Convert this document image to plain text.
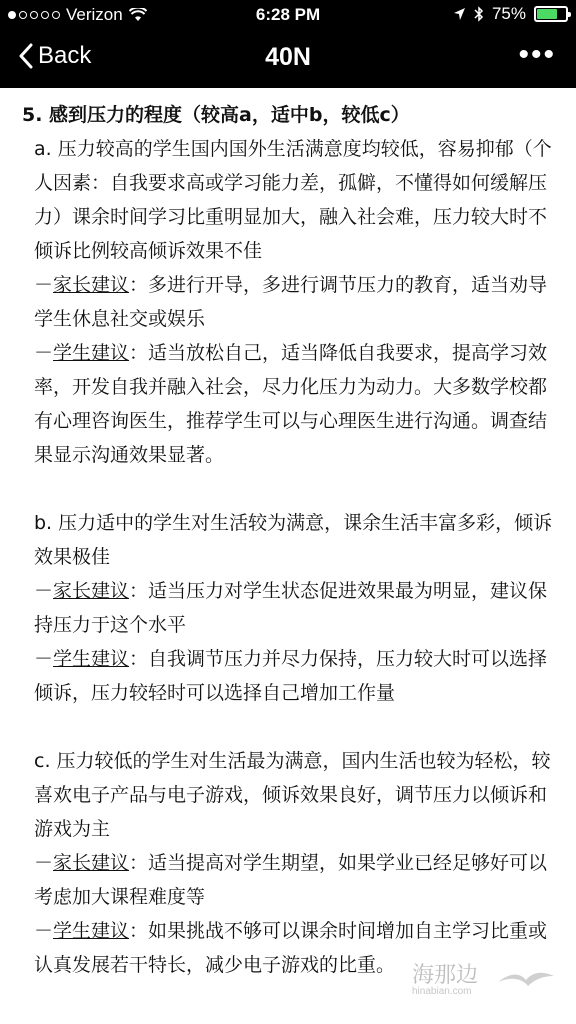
Verizon	6:28 PM	75%
Back	40N	•••

5. 感到压力的程度（较高a，适中b，较低c）

a. 压力较高的学生国内国外生活满意度均较低，容易抑郁（个人因素：自我要求高或学习能力差，孤僻，不懂得如何缓解压力）课余时间学习比重明显加大，融入社会难，压力较大时不倾诉比例较高倾诉效果不佳

－家长建议：多进行开导，多进行调节压力的教育，适当劝导学生休息社交或娱乐

－学生建议：适当放松自己，适当降低自我要求，提高学习效率，开发自我并融入社会，尽力化压力为动力。大多数学校都有心理咨询医生，推荐学生可以与心理医生进行沟通。调查结果显示沟通效果显著。

b. 压力适中的学生对生活较为满意，课余生活丰富多彩，倾诉效果极佳

－家长建议：适当压力对学生状态促进效果最为明显，建议保持压力于这个水平

－学生建议：自我调节压力并尽力保持，压力较大时可以选择倾诉，压力较轻时可以选择自己增加工作量

c. 压力较低的学生对生活最为满意，国内生活也较为轻松，较喜欢电子产品与电子游戏，倾诉效果良好，调节压力以倾诉和游戏为主

－家长建议：适当提高对学生期望，如果学业已经足够好可以考虑加大课程难度等

－学生建议：如果挑战不够可以课余时间增加自主学习比重或认真发展若干特长，减少电子游戏的比重。 海那边
hinabian.com
